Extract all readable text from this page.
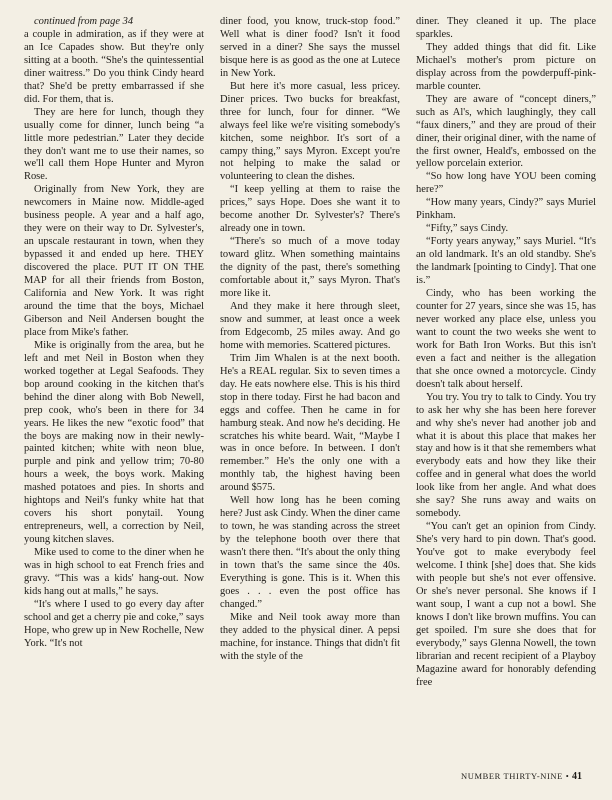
continued from page 34

a couple in admiration, as if they were at an Ice Capades show. But they're only sitting at a booth. “She's the quintessential diner waitress.” Do you think Cindy heard that? She'd be pretty embarrassed if she did. For them, that is.

They are here for lunch, though they usually come for dinner, lunch being “a little more pedestrian.” Later they decide they don't want me to use their names, so we'll call them Hope Hunter and Myron Rose.

Originally from New York, they are newcomers in Maine now. Middle-aged business people. A year and a half ago, they were on their way to Dr. Sylvester's, an upscale restaurant in town, when they bypassed it and ended up here. THEY discovered the place. PUT IT ON THE MAP for all their friends from Boston, California and New York. It was right around the time that the boys, Michael Giberson and Neil Andersen bought the place from Mike's father.

Mike is originally from the area, but he left and met Neil in Boston when they worked together at Legal Seafoods. They bop around cooking in the kitchen that's behind the diner along with Bob Newell, prep cook, who's been in there for 34 years. He likes the new “exotic food” that the boys are making now in their newly-painted kitchen; white with neon blue, purple and pink and yellow trim; 70-80 hours a week, the boys work. Making mashed potatoes and pies. In shorts and hightops and Neil's funky white hat that covers his short ponytail. Young entrepreneurs, well, a correction by Neil, young kitchen slaves.

Mike used to come to the diner when he was in high school to eat French fries and gravy. “This was a kids' hang-out. Now kids hang out at malls,” he says.

“It's where I used to go every day after school and get a cherry pie and coke,” says Hope, who grew up in New Rochelle, New York. “It's not

diner food, you know, truck-stop food.” Well what is diner food? Isn't it food served in a diner? She says the mussel bisque here is as good as the one at Lutece in New York.

But here it's more casual, less pricey. Diner prices. Two bucks for breakfast, three for lunch, four for dinner. “We always feel like we're visiting somebody's kitchen, some neighbor. It's sort of a campy thing,” says Myron. Except you're not helping to make the salad or volunteering to clean the dishes.

“I keep yelling at them to raise the prices,” says Hope. Does she want it to become another Dr. Sylvester's? There's already one in town.

“There's so much of a move today toward glitz. When something maintains the dignity of the past, there's something comfortable about it,” says Myron. That's more like it.

And they make it here through sleet, snow and summer, at least once a week from Edgecomb, 25 miles away. And go home with memories. Scattered pictures.

Trim Jim Whalen is at the next booth. He's a REAL regular. Six to seven times a day. He eats nowhere else. This is his third stop in there today. First he had bacon and eggs and coffee. Then he came in for hamburg steak. And now he's deciding. He scratches his white beard. Wait, “Maybe I was in once before. In between. I don't remember.” He's the only one with a monthly tab, the highest having been around $575.

Well how long has he been coming here? Just ask Cindy. When the diner came to town, he was standing across the street by the telephone booth over there that wasn't there then. “It's about the only thing in town that's the same since the 40s. Everything is gone. This is it. When this goes . . . even the post office has changed.”

Mike and Neil took away more than they added to the physical diner. A pepsi machine, for instance. Things that didn't fit with the style of the

diner. They cleaned it up. The place sparkles.

They added things that did fit. Like Michael's mother's prom picture on display across from the powderpuff-pink-marble counter.

They are aware of “concept diners,” such as Al's, which laughingly, they call “faux diners,” and they are proud of their diner, their original diner, with the name of the first owner, Heald's, embossed on the yellow porcelain exterior.

“So how long have YOU been coming here?”

“How many years, Cindy?” says Muriel Pinkham.

“Fifty,” says Cindy.

“Forty years anyway,” says Muriel. “It's an old landmark. It's an old standby. She's the landmark [pointing to Cindy]. That one is.”

Cindy, who has been working the counter for 27 years, since she was 15, has never worked any place else, unless you want to count the two weeks she went to work for Bath Iron Works. But this isn't even a fact and neither is the allegation that she once owned a motorcycle. Cindy doesn't talk about herself.

You try. You try to talk to Cindy. You try to ask her why she has been here forever and why she's never had another job and what it is about this place that makes her stay and how is it that she remembers what everybody eats and how they like their coffee and in general what does the world look like from her angle. And what does she say? She runs away and waits on somebody.

“You can't get an opinion from Cindy. She's very hard to pin down. That's good. You've got to make everybody feel welcome. I think [she] does that. She kids with people but she's not ever offensive. Or she's never personal. She knows if I want soup, I want a cup not a bowl. She knows I don't like brown muffins. You can get spoiled. I'm sure she does that for everybody,” says Glenna Nowell, the town librarian and recent recipient of a Playboy Magazine award for honorably defending free

NUMBER THIRTY-NINE • 41
